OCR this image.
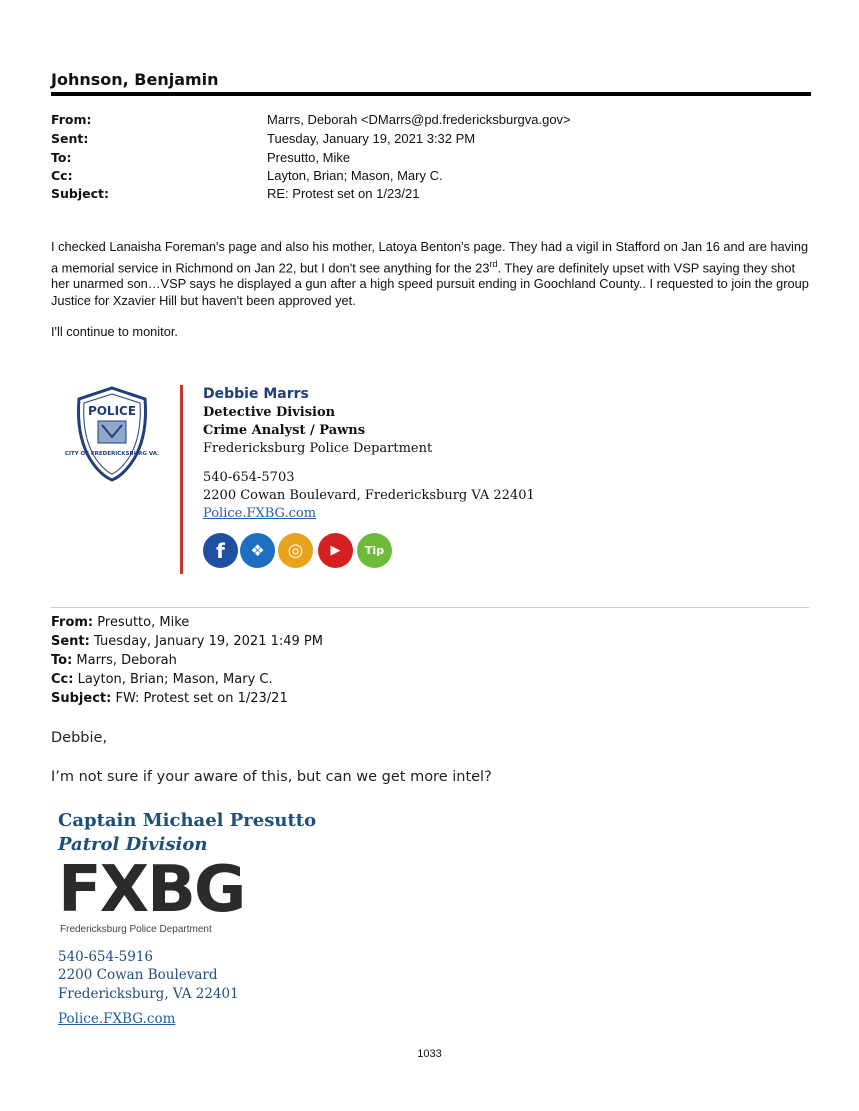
Johnson, Benjamin
From:	Marrs, Deborah <DMarrs@pd.fredericksburgva.gov>
Sent:	Tuesday, January 19, 2021 3:32 PM
To:	Presutto, Mike
Cc:	Layton, Brian; Mason, Mary C.
Subject:	RE: Protest set on 1/23/21

I checked Lanaisha Foreman's page and also his mother, Latoya Benton's page. They had a vigil in Stafford on Jan 16 and are having a memorial service in Richmond on Jan 22, but I don't see anything for the 23rd. They are definitely upset with VSP saying they shot her unarmed son…VSP says he displayed a gun after a high speed pursuit ending in Goochland County.. I requested to join the group Justice for Xzavier Hill but haven't been approved yet.

I'll continue to monitor.

POLICE
CITY OF FREDERICKSBURG VA.
Debbie Marrs
Detective Division
Crime Analyst / Pawns
Fredericksburg Police Department
540-654-5703
2200 Cowan Boulevard, Fredericksburg VA 22401
Police.FXBG.com
f	❖	◎	▶	Tip
From: Presutto, Mike
Sent: Tuesday, January 19, 2021 1:49 PM
To: Marrs, Deborah
Cc: Layton, Brian; Mason, Mary C.
Subject: FW: Protest set on 1/23/21
Debbie,
I’m not sure if your aware of this, but can we get more intel?
Captain Michael Presutto
Patrol Division
FXBG
Fredericksburg Police Department
540-654-5916
2200 Cowan Boulevard
Fredericksburg, VA 22401
Police.FXBG.com
1033
